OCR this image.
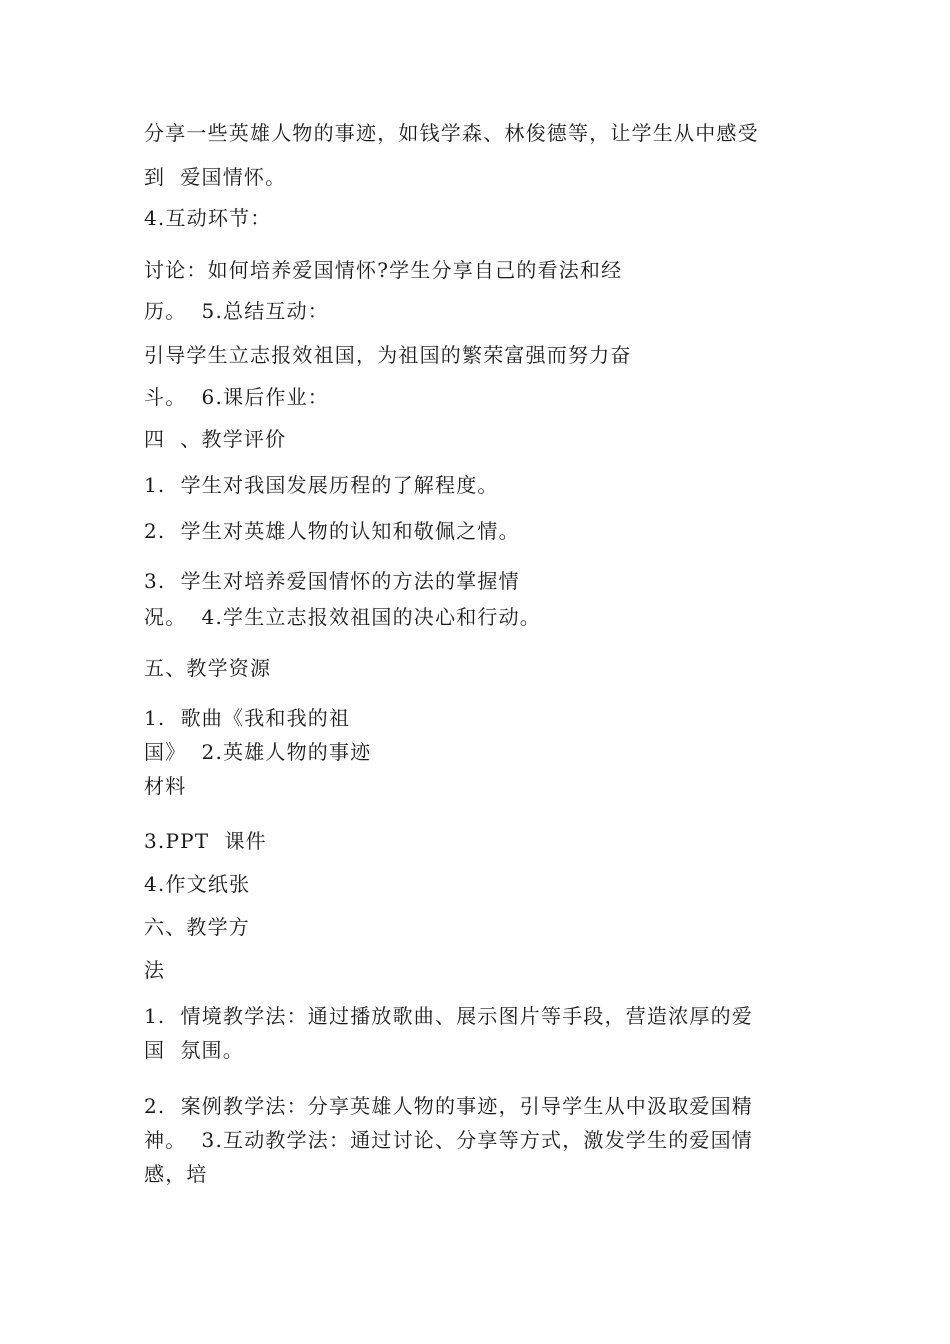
分享一些英雄人物的事迹，如钱学森、林俊德等，让学生从中感受
到  爱国情怀。
4.互动环节：
讨论：如何培养爱国情怀?学生分享自己的看法和经
历。  5.总结互动：
引导学生立志报效祖国，为祖国的繁荣富强而努力奋
斗。  6.课后作业：
四  、教学评价
1.  学生对我国发展历程的了解程度。
2.  学生对英雄人物的认知和敬佩之情。
3.  学生对培养爱国情怀的方法的掌握情
况。  4.学生立志报效祖国的决心和行动。
五、教学资源
1.  歌曲《我和我的祖
国》  2.英雄人物的事迹
材料
3.PPT  课件
4.作文纸张
六、教学方
法
1.  情境教学法：通过播放歌曲、展示图片等手段，营造浓厚的爱
国  氛围。
2.  案例教学法：分享英雄人物的事迹，引导学生从中汲取爱国精
神。  3.互动教学法：通过讨论、分享等方式，激发学生的爱国情
感，培
